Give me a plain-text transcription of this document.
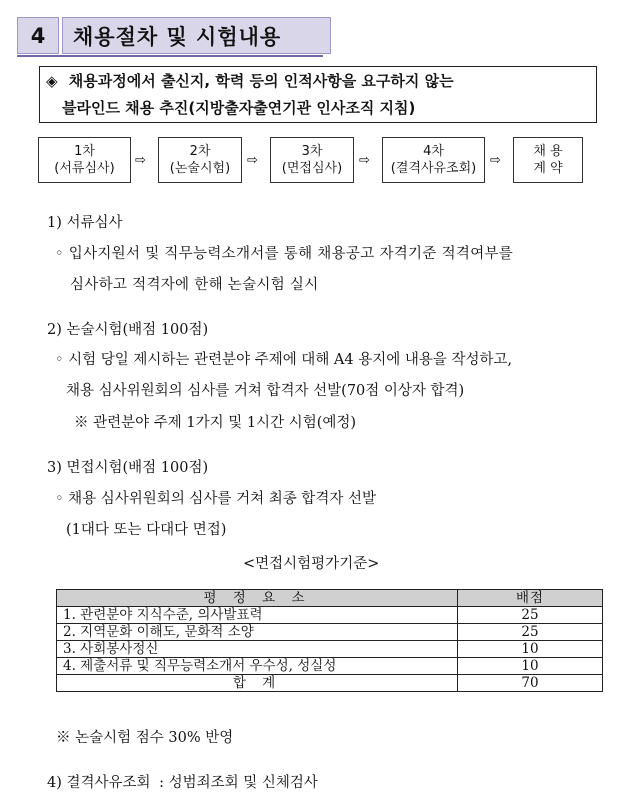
4	채용절차 및 시험내용
◈ 채용과정에서 출신지, 학력 등의 인적사항을 요구하지 않는
블라인드 채용 추진(지방출자출연기관 인사조직 지침)
1차
(서류심사)
⇨
2차
(논술시험)
⇨
3차
(면접심사)
⇨
4차
(결격사유조회)
⇨
채 용
계 약
1) 서류심사
◦ 입사지원서 및 직무능력소개서를 통해 채용공고 자격기준 적격여부를
심사하고 적격자에 한해 논술시험 실시
2) 논술시험(배점 100점)
◦ 시험 당일 제시하는 관련분야 주제에 대해 A4 용지에 내용을 작성하고,
채용 심사위원회의 심사를 거쳐 합격자 선발(70점 이상자 합격)
※ 관련분야 주제 1가지 및 1시간 시험(예정)
3) 면접시험(배점 100점)
◦ 채용 심사위원회의 심사를 거쳐 최종 합격자 선발
(1대다 또는 다대다 면접)
<면접시험평가기준>
평 정 요 소	배점
1. 관련분야 지식수준, 의사발표력	25
2. 지역문화 이해도, 문화적 소양	25
3. 사회봉사정신	10
4. 제출서류 및 직무능력소개서 우수성, 성실성	10
합 계	70
※ 논술시험 점수 30% 반영
4) 결격사유조회 : 성범죄조회 및 신체검사
